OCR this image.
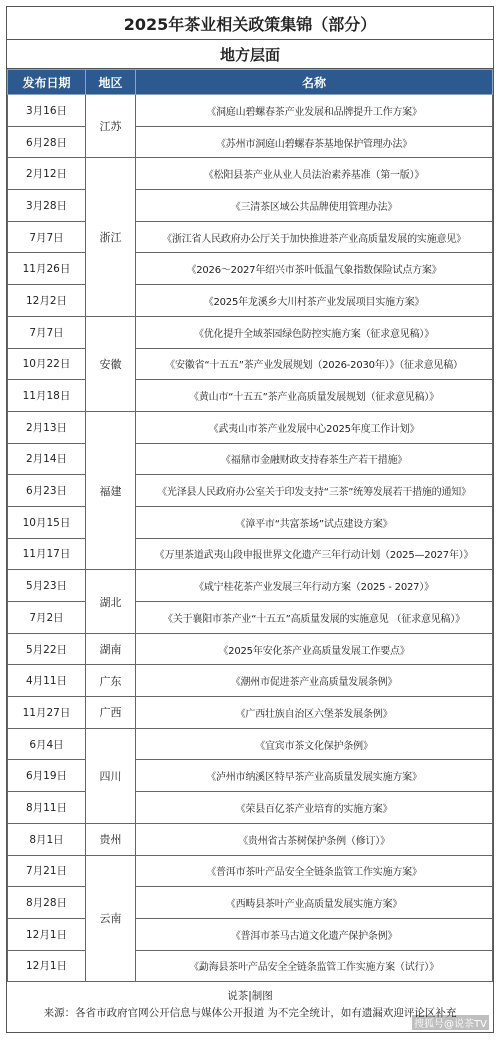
2025年茶业相关政策集锦（部分）
地方层面
发布日期	地区	名称
3月16日	江苏	《洞庭山碧螺春茶产业发展和品牌提升工作方案》
6月28日		《苏州市洞庭山碧螺春茶基地保护管理办法》
2月12日	浙江	《松阳县茶产业从业人员法治素养基准（第一版）》
3月28日		《三清茶区域公共品牌使用管理办法》
7月7日		《浙江省人民政府办公厅关于加快推进茶产业高质量发展的实施意见》
11月26日		《2026～2027年绍兴市茶叶低温气象指数保险试点方案》
12月2日		《2025年龙溪乡大川村茶产业发展项目实施方案》
7月7日	安徽	《优化提升全域茶园绿色防控实施方案（征求意见稿）》
10月22日		《安徽省“十五五”茶产业发展规划（2026-2030年）》（征求意见稿）
11月18日		《黄山市“十五五”茶产业高质量发展规划（征求意见稿）》
2月13日	福建	《武夷山市茶产业发展中心2025年度工作计划》
2月14日		《福鼎市金融财政支持春茶生产若干措施》
6月23日		《光泽县人民政府办公室关于印发支持“三茶”统筹发展若干措施的通知》
10月15日		《漳平市“共富茶场”试点建设方案》
11月17日		《万里茶道武夷山段申报世界文化遗产三年行动计划（2025—2027年）》
5月23日	湖北	《咸宁桂花茶产业发展三年行动方案（2025 - 2027）》
7月2日		《关于襄阳市茶产业“十五五”高质量发展的实施意见 （征求意见稿）》
5月22日	湖南	《2025年安化茶产业高质量发展工作要点》
4月11日	广东	《潮州市促进茶产业高质量发展条例》
11月27日	广西	《广西壮族自治区六堡茶发展条例》
6月4日	四川	《宜宾市茶文化保护条例》
6月19日		《泸州市纳溪区特早茶产业高质量发展实施方案》
8月11日		《荣县百亿茶产业培育的实施方案》
8月1日	贵州	《贵州省古茶树保护条例（修订）》
7月21日	云南	《普洱市茶叶产品安全全链条监管工作实施方案》
8月28日		《西畴县茶叶产业高质量发展实施方案》
12月1日		《普洱市茶马古道文化遗产保护条例》
12月1日		《勐海县茶叶产品安全全链条监管工作实施方案（试行）》
说茶|制图
来源：各省市政府官网公开信息与媒体公开报道 为不完全统计，如有遗漏欢迎评论区补充
搜狐号@说茶TV
